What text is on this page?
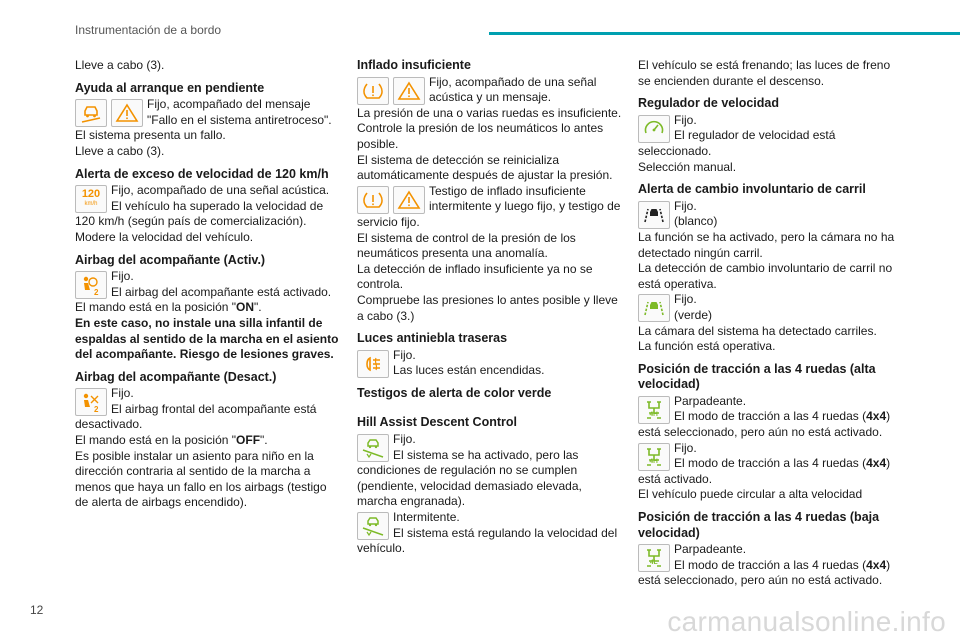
Instrumentación de a bordo

Lleve a cabo (3).

Ayuda al arranque en pendiente

Fijo, acompañado del mensaje "Fallo en el sistema antiretroceso".

El sistema presenta un fallo.

Lleve a cabo (3).

Alerta de exceso de velocidad de 120 km/h
120
km/h

Fijo, acompañado de una señal acústica.

El vehículo ha superado la velocidad de 120 km/h (según país de comercialización).

Modere la velocidad del vehículo.

Airbag del acompañante (Activ.)
2

Fijo.

El airbag del acompañante está activado.

El mando está en la posición "ON".

En este caso, no instale una silla infantil de espaldas al sentido de la marcha en el asiento del acompañante. Riesgo de lesiones graves.

Airbag del acompañante (Desact.)
2

Fijo.

El airbag frontal del acompañante está desactivado.

El mando está en la posición "OFF".

Es posible instalar un asiento para niño en la dirección contraria al sentido de la marcha a menos que haya un fallo en los airbags (testigo de alerta de airbags encendido).

Inflado insuficiente

Fijo, acompañado de una señal acústica y un mensaje.

La presión de una o varias ruedas es insuficiente.

Controle la presión de los neumáticos lo antes posible.

El sistema de detección se reinicializa automáticamente después de ajustar la presión.

Testigo de inflado insuficiente intermitente y luego fijo, y testigo de servicio fijo.

El sistema de control de la presión de los neumáticos presenta una anomalía.

La detección de inflado insuficiente ya no se controla.

Compruebe las presiones lo antes posible y lleve a cabo (3.)

Luces antiniebla traseras

Fijo.

Las luces están encendidas.

Testigos de alerta de color verde
Hill Assist Descent Control

Fijo.

El sistema se ha activado, pero las condiciones de regulación no se cumplen (pendiente, velocidad demasiado elevada, marcha engranada).

Intermitente.

El sistema está regulando la velocidad del vehículo.

El vehículo se está frenando; las luces de freno se encienden durante el descenso.

Regulador de velocidad

Fijo.

El regulador de velocidad está seleccionado.

Selección manual.

Alerta de cambio involuntario de carril

Fijo.

(blanco)

La función se ha activado, pero la cámara no ha detectado ningún carril.

La detección de cambio involuntario de carril no está operativa.

Fijo.

(verde)

La cámara del sistema ha detectado carriles.

La función está operativa.

Posición de tracción a las 4 ruedas (alta velocidad)
4H

Parpadeante.

El modo de tracción a las 4 ruedas (4x4) está seleccionado, pero aún no está activado.

4H

Fijo.

El modo de tracción a las 4 ruedas (4x4) está activado.

El vehículo puede circular a alta velocidad

Posición de tracción a las 4 ruedas (baja velocidad)
4L

Parpadeante.

El modo de tracción a las 4 ruedas (4x4) está seleccionado, pero aún no está activado.

12	carmanualsonline.info
